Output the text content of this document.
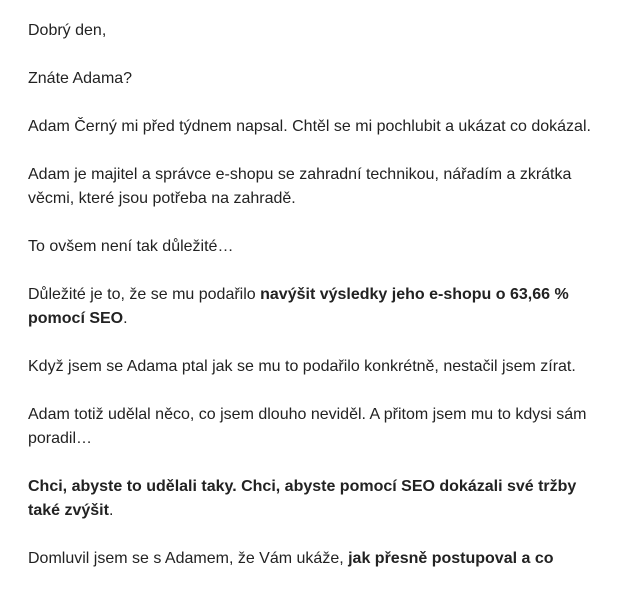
Dobrý den,

Znáte Adama?

Adam Černý mi před týdnem napsal. Chtěl se mi pochlubit a ukázat co dokázal.

Adam je majitel a správce e-shopu se zahradní technikou, nářadím a zkrátka věcmi, které jsou potřeba na zahradě.

To ovšem není tak důležité…

Důležité je to, že se mu podařilo navýšit výsledky jeho e-shopu o 63,66 % pomocí SEO.

Když jsem se Adama ptal jak se mu to podařilo konkrétně, nestačil jsem zírat.

Adam totiž udělal něco, co jsem dlouho neviděl. A přitom jsem mu to kdysi sám poradil…

Chci, abyste to udělali taky. Chci, abyste pomocí SEO dokázali své tržby také zvýšit.

Domluvil jsem se s Adamem, že Vám ukáže, jak přesně postupoval a co
